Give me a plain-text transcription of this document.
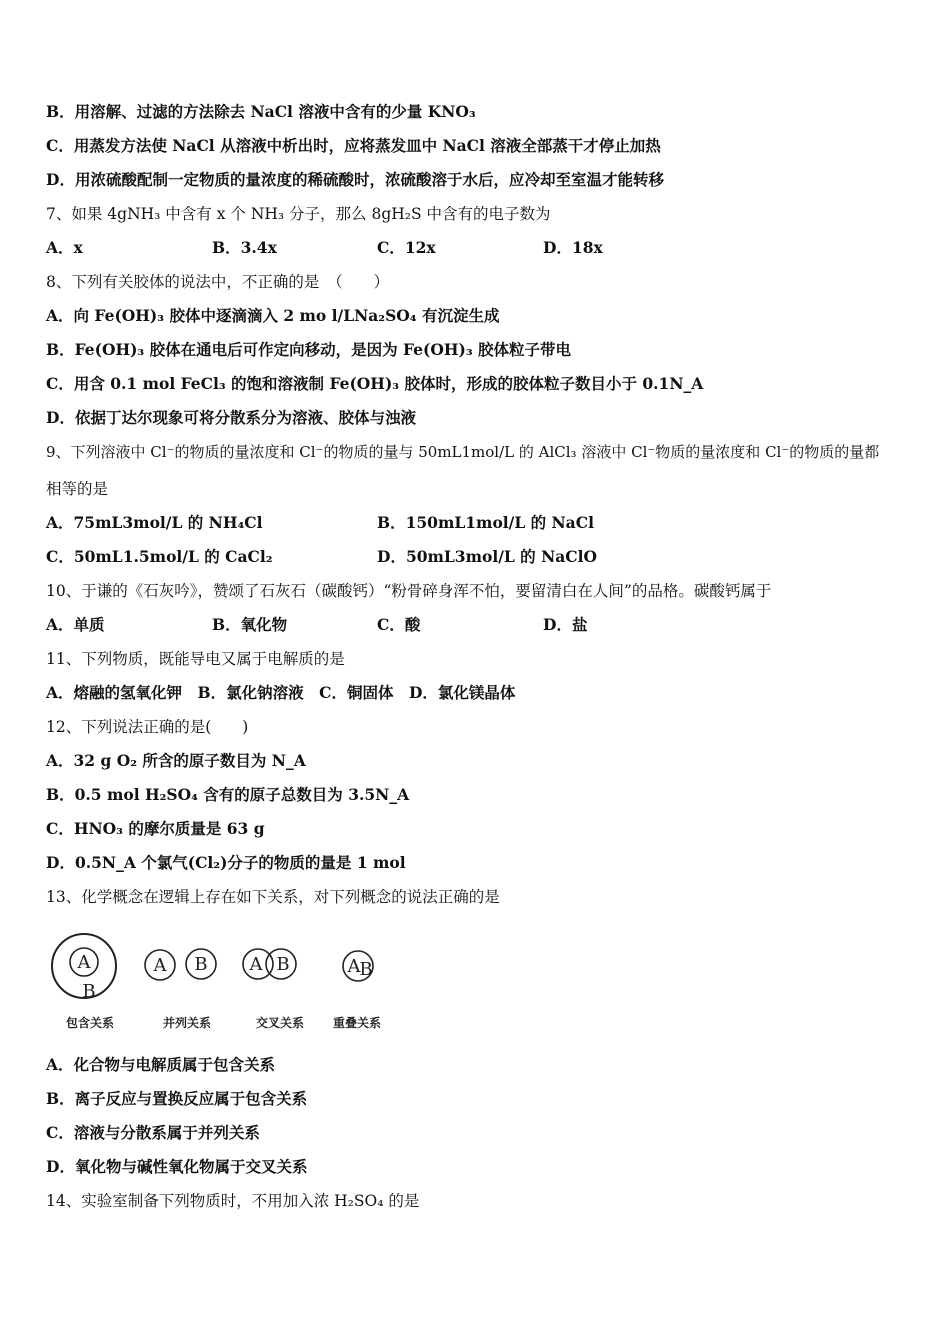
B．用溶解、过滤的方法除去 NaCl 溶液中含有的少量 KNO₃
C．用蒸发方法使 NaCl 从溶液中析出时，应将蒸发皿中 NaCl 溶液全部蒸干才停止加热
D．用浓硫酸配制一定物质的量浓度的稀硫酸时，浓硫酸溶于水后，应冷却至室温才能转移
7、如果 4gNH₃ 中含有 x 个 NH₃ 分子，那么 8gH₂S 中含有的电子数为
A．x	B．3.4x	C．12x	D．18x
8、下列有关胶体的说法中，不正确的是　（　　）
A．向 Fe(OH)₃ 胶体中逐滴滴入 2 mo l/LNa₂SO₄ 有沉淀生成
B．Fe(OH)₃ 胶体在通电后可作定向移动，是因为 Fe(OH)₃ 胶体粒子带电
C．用含 0.1 mol FeCl₃ 的饱和溶液制 Fe(OH)₃ 胶体时，形成的胶体粒子数目小于 0.1N_A
D．依据丁达尔现象可将分散系分为溶液、胶体与浊液
9、下列溶液中 Cl⁻的物质的量浓度和 Cl⁻的物质的量与 50mL1mol/L 的 AlCl₃ 溶液中 Cl⁻物质的量浓度和 Cl⁻的物质的量都
相等的是
A．75mL3mol/L 的 NH₄Cl	B．150mL1mol/L 的 NaCl
C．50mL1.5mol/L 的 CaCl₂	D．50mL3mol/L 的 NaClO
10、于谦的《石灰吟》，赞颂了石灰石（碳酸钙）“粉骨碎身浑不怕，要留清白在人间”的品格。碳酸钙属于
A．单质	B．氧化物	C．酸	D．盐
11、下列物质，既能导电又属于电解质的是
A．熔融的氢氧化钾　B．氯化钠溶液　C．铜固体　D．氯化镁晶体
12、下列说法正确的是(　　)
A．32 g O₂ 所含的原子数目为 N_A
B．0.5 mol H₂SO₄ 含有的原子总数目为 3.5N_A
C．HNO₃ 的摩尔质量是 63 g
D．0.5N_A 个氯气(Cl₂)分子的物质的量是 1 mol
13、化学概念在逻辑上存在如下关系，对下列概念的说法正确的是
A
B
A B A B	A
B
包含关系	并列关系	交叉关系 重叠关系
A．化合物与电解质属于包含关系
B．离子反应与置换反应属于包含关系
C．溶液与分散系属于并列关系
D．氧化物与碱性氧化物属于交叉关系
14、实验室制备下列物质时，不用加入浓 H₂SO₄ 的是
